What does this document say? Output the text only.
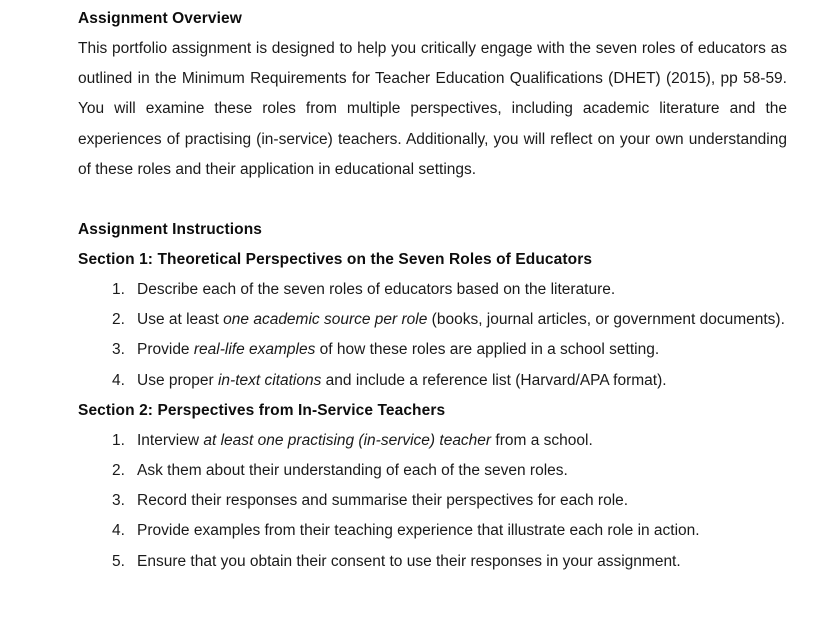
Assignment Overview

This portfolio assignment is designed to help you critically engage with the seven roles of educators as outlined in the Minimum Requirements for Teacher Education Qualifications (DHET) (2015), pp 58-59. You will examine these roles from multiple perspectives, including academic literature and the experiences of practising (in-service) teachers. Additionally, you will reflect on your own understanding of these roles and their application in educational settings.

Assignment Instructions
Section 1: Theoretical Perspectives on the Seven Roles of Educators
1. Describe each of the seven roles of educators based on the literature.
2. Use at least one academic source per role (books, journal articles, or government documents).
3. Provide real-life examples of how these roles are applied in a school setting.
4. Use proper in-text citations and include a reference list (Harvard/APA format).
Section 2: Perspectives from In-Service Teachers
1. Interview at least one practising (in-service) teacher from a school.
2. Ask them about their understanding of each of the seven roles.
3. Record their responses and summarise their perspectives for each role.
4. Provide examples from their teaching experience that illustrate each role in action.
5. Ensure that you obtain their consent to use their responses in your assignment.
